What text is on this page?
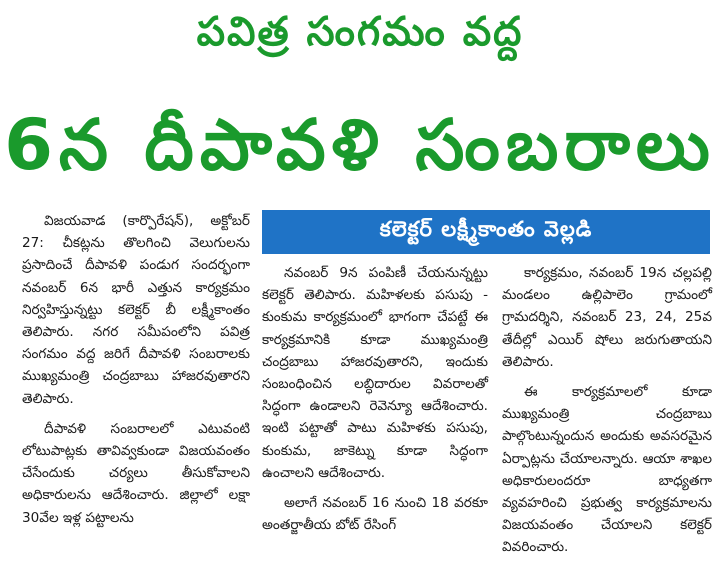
పవిత్ర సంగమం వద్ద
6న దీపావళి సంబరాలు

విజయవాడ (కార్పొరేషన్), అక్టోబర్ 27: చీకట్లను తొలగించి వెలుగులను ప్రసాదించే దీపావళి పండుగ సందర్భంగా నవంబర్ 6న భారీ ఎత్తున కార్యక్రమం నిర్వహిస్తున్నట్టు కలెక్టర్ బీ లక్ష్మీకాంతం తెలిపారు. నగర సమీపంలోని పవిత్ర సంగమం వద్ద జరిగే దీపావళి సంబరాలకు ముఖ్యమంత్రి చంద్రబాబు హాజరవుతారని తెలిపారు.

దీపావళి సంబరాలలో ఎటువంటి లోటుపాట్లకు తావివ్వకుండా విజయవంతం చేసేందుకు చర్యలు తీసుకోవాలని అధికారులను ఆదేశించారు. జిల్లాలో లక్షా 30వేల ఇళ్ల పట్టాలను

కలెక్టర్ లక్ష్మీకాంతం వెల్లడి

నవంబర్ 9న పంపిణీ చేయనున్నట్టు కలెక్టర్ తెలిపారు. మహిళలకు పసుపు - కుంకుమ కార్యక్రమంలో భాగంగా చేపట్టే ఈ కార్యక్రమానికి కూడా ముఖ్యమంత్రి చంద్రబాబు హాజరవుతారని, ఇందుకు సంబంధించిన లబ్ధిదారుల వివరాలతో సిద్ధంగా ఉండాలని రెవెన్యూ ఆదేశించారు. ఇంటి పట్టాతో పాటు మహిళకు పసుపు, కుంకుమ, జాకెట్ను కూడా సిద్ధంగా ఉంచాలని ఆదేశించారు.

అలాగే నవంబర్ 16 నుంచి 18 వరకూ అంతర్జాతీయ బోట్ రేసింగ్

కార్యక్రమం, నవంబర్ 19న చల్లపల్లి మండలం ఉల్లిపాలెం గ్రామంలో గ్రామదర్శిని, నవంబర్ 23, 24, 25వ తేదీల్లో ఎయిర్ షోలు జరుగుతాయని తెలిపారు.

ఈ కార్యక్రమాలలో కూడా ముఖ్యమంత్రి చంద్రబాబు పాల్గొంటున్నందున అందుకు అవసరమైన ఏర్పాట్లను చేయాలన్నారు. ఆయా శాఖల అధికారులందరూ బాధ్యతగా వ్యవహరించి ప్రభుత్వ కార్యక్రమాలను విజయవంతం చేయాలని కలెక్టర్ వివరించారు.
